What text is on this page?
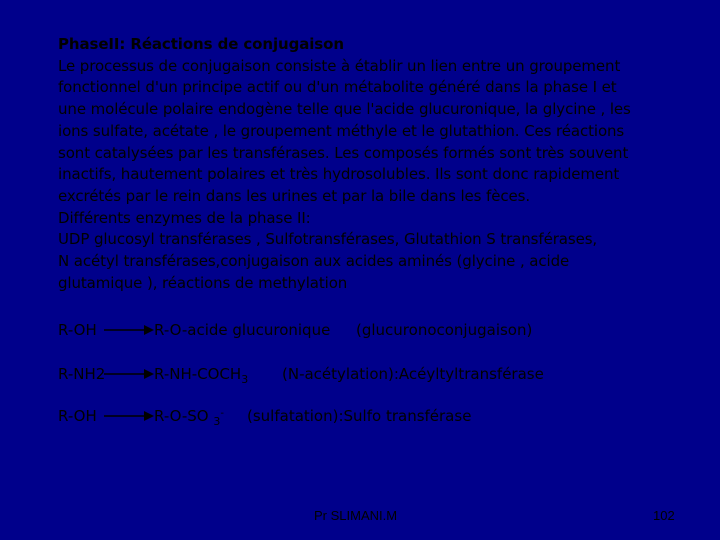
PhaseII: Réactions de conjugaison
Le processus de conjugaison consiste à établir un lien entre un groupement
fonctionnel d'un principe actif ou d'un métabolite généré dans la phase I et
une molécule polaire endogène telle que l'acide glucuronique, la glycine , les
ions sulfate, acétate , le groupement méthyle et le glutathion. Ces réactions
sont catalysées par les transférases. Les composés formés sont très souvent
inactifs, hautement polaires et très hydrosolubles. Ils sont donc rapidement
excrétés par le rein dans les urines et par la bile dans les fèces.
Différents enzymes de la phase II:
UDP glucosyl transférases , Sulfotransférases, Glutathion S transférases,
N acétyl transférases,conjugaison aux acides aminés (glycine , acide
glutamique ), réactions de methylation
R-OH → R-O-acide glucuronique (glucuronoconjugaison)
$R-NH2 \to R-NH-COCH_3$ (N-acétylation):Acéyltyltransférase
R-OH → R-O-SO $_3$- (sulfatation):Sulfo transférase
Pr SLIMANI.M	102
